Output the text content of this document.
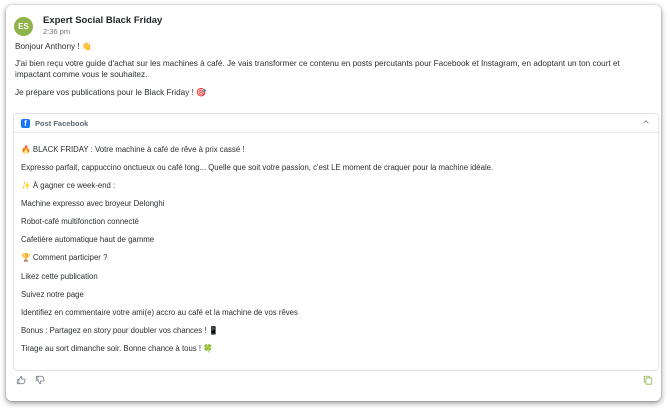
ES	Expert Social Black Friday
2:36 pm
Bonjour Anthony ! 👋
J'ai bien reçu votre guide d'achat sur les machines à café. Je vais transformer ce contenu en posts percutants pour Facebook et Instagram, en adoptant un ton court et impactant comme vous le souhaitez.
Je prépare vos publications pour le Black Friday ! 🎯
f	Post Facebook
🔥 BLACK FRIDAY : Votre machine à café de rêve à prix cassé !
Expresso parfait, cappuccino onctueux ou café long... Quelle que soit votre passion, c'est LE moment de craquer pour la machine idéale.
✨ À gagner ce week-end :
Machine expresso avec broyeur Delonghi
Robot-café multifonction connecté
Cafetière automatique haut de gamme
🏆 Comment participer ?
Likez cette publication
Suivez notre page
Identifiez en commentaire votre ami(e) accro au café et la machine de vos rêves
Bonus : Partagez en story pour doubler vos chances ! 📱
Tirage au sort dimanche soir. Bonne chance à tous ! 🍀
